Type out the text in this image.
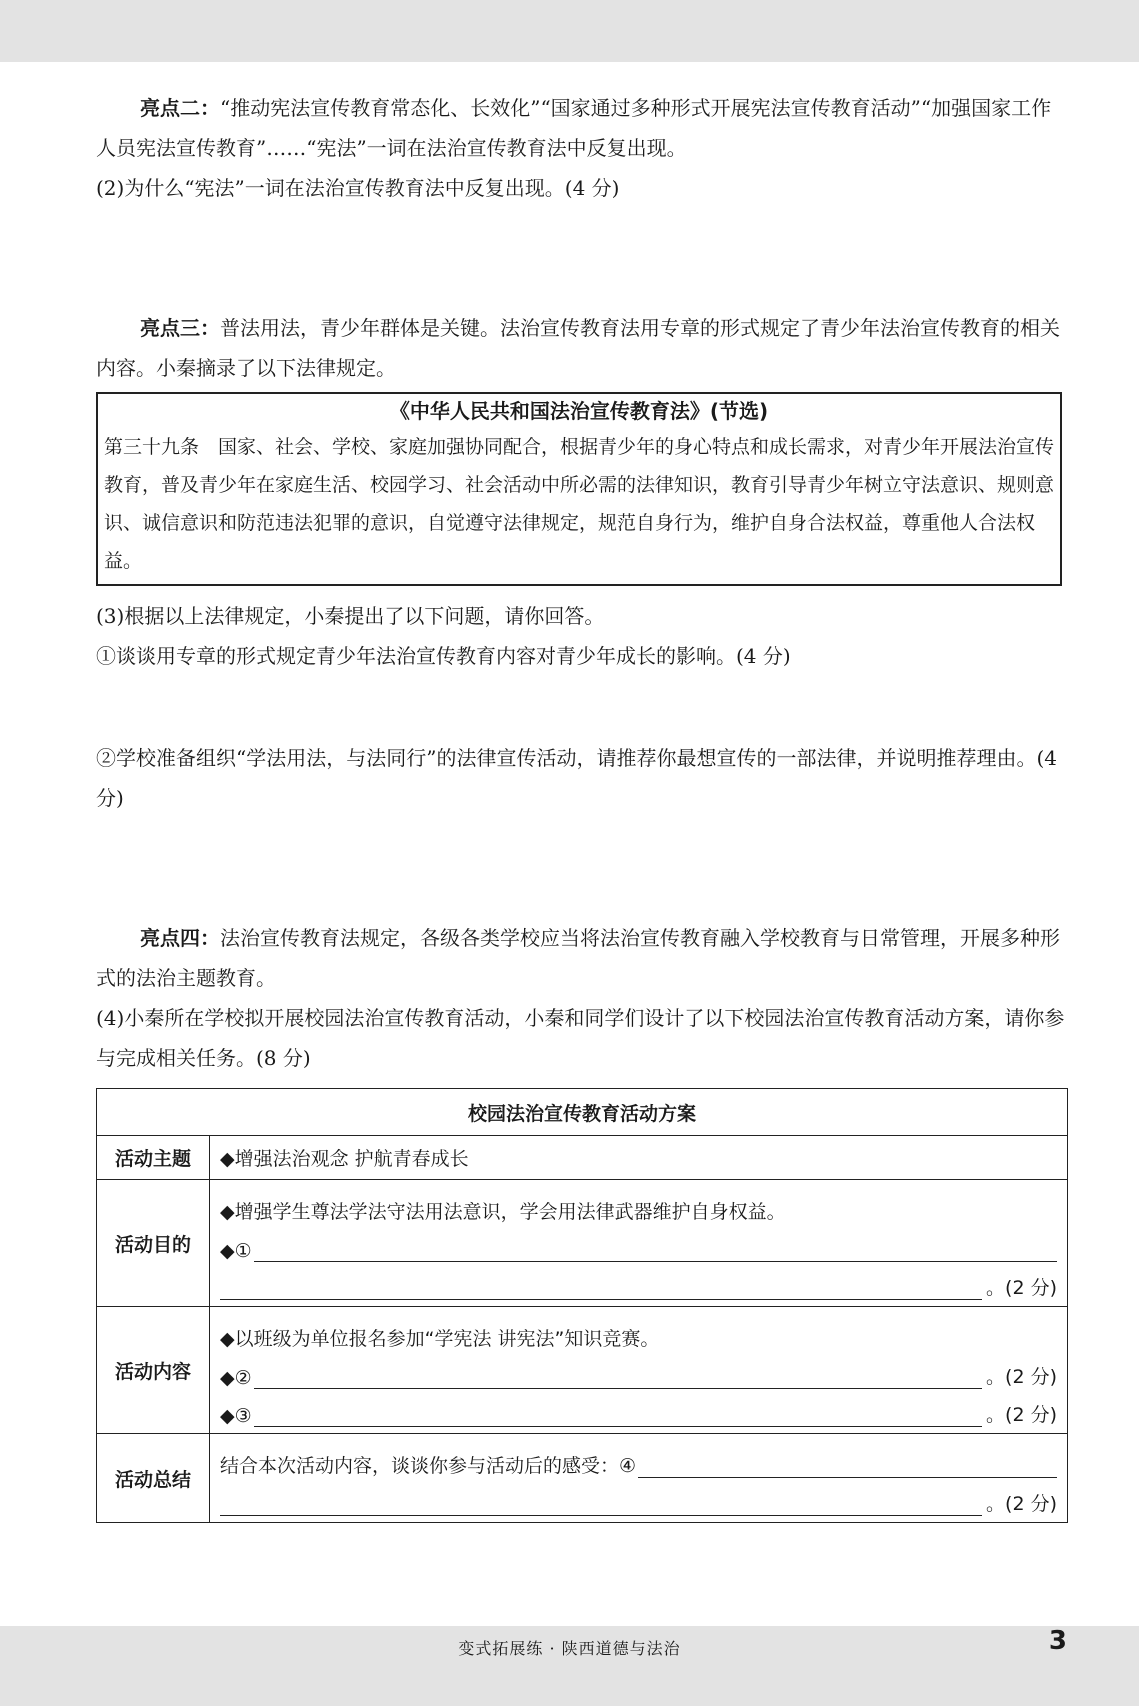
亮点二：“推动宪法宣传教育常态化、长效化”“国家通过多种形式开展宪法宣传教育活动”“加强国家工作人员宪法宣传教育”……“宪法”一词在法治宣传教育法中反复出现。

(2)为什么“宪法”一词在法治宣传教育法中反复出现。(4 分)

亮点三：普法用法，青少年群体是关键。法治宣传教育法用专章的形式规定了青少年法治宣传教育的相关内容。小秦摘录了以下法律规定。

《中华人民共和国法治宣传教育法》(节选)
第三十九条　国家、社会、学校、家庭加强协同配合，根据青少年的身心特点和成长需求，对青少年开展法治宣传教育，普及青少年在家庭生活、校园学习、社会活动中所必需的法律知识，教育引导青少年树立守法意识、规则意识、诚信意识和防范违法犯罪的意识，自觉遵守法律规定，规范自身行为，维护自身合法权益，尊重他人合法权益。

(3)根据以上法律规定，小秦提出了以下问题，请你回答。

①谈谈用专章的形式规定青少年法治宣传教育内容对青少年成长的影响。(4 分)

②学校准备组织“学法用法，与法同行”的法律宣传活动，请推荐你最想宣传的一部法律，并说明推荐理由。(4 分)

亮点四：法治宣传教育法规定，各级各类学校应当将法治宣传教育融入学校教育与日常管理，开展多种形式的法治主题教育。

(4)小秦所在学校拟开展校园法治宣传教育活动，小秦和同学们设计了以下校园法治宣传教育活动方案，请你参与完成相关任务。(8 分)

校园法治宣传教育活动方案	
活动主题	◆增强法治观念 护航青春成长
活动目的	◆增强学生尊法学法守法用法意识，学会用法律武器维护自身权益。
◆①
。(2 分)

活动内容	◆以班级为单位报名参加“学宪法 讲宪法”知识竞赛。
◆② 。(2 分)
◆③ 。(2 分)

活动总结	结合本次活动内容，谈谈你参与活动后的感受：④
。(2 分)
变式拓展练 · 陕西道德与法治	3
